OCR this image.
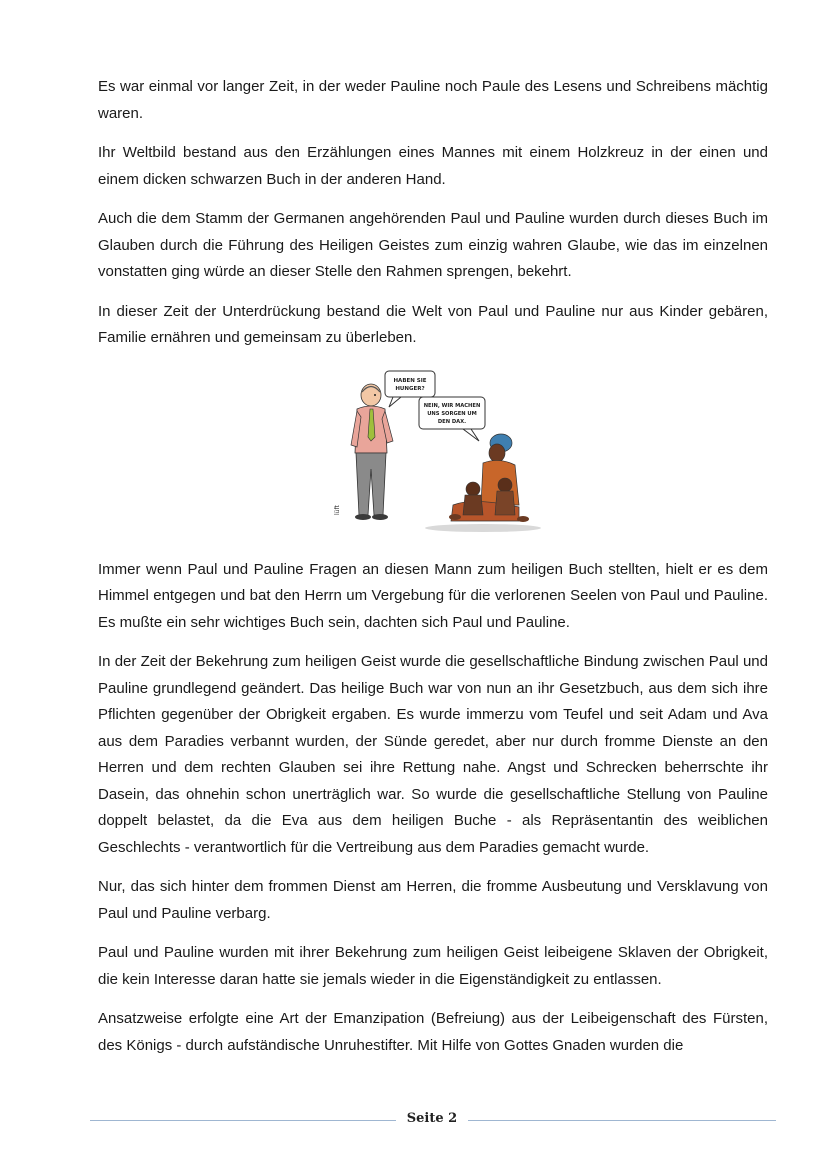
Es war einmal vor langer Zeit, in der weder Pauline noch Paule des Lesens und Schreibens mächtig waren.

Ihr Weltbild bestand aus den Erzählungen eines Mannes mit einem Holzkreuz in der einen und einem dicken schwarzen Buch in der anderen Hand.

Auch die dem Stamm der Germanen angehörenden Paul und Pauline wurden durch dieses Buch im Glauben durch die Führung des Heiligen Geistes zum einzig wahren Glaube, wie das im einzelnen vonstatten ging würde an dieser Stelle den Rahmen sprengen, bekehrt.

In dieser Zeit der Unterdrückung bestand die Welt von Paul und Pauline nur aus Kinder gebären, Familie ernähren und gemeinsam zu überleben.

HABEN SIE
HUNGER?
NEIN, WIR MACHEN
UNS SORGEN UM
DEN DAX.
lüft

Immer wenn Paul und Pauline Fragen an diesen Mann zum heiligen Buch stellten, hielt er es dem Himmel entgegen und bat den Herrn um Vergebung für die verlorenen Seelen von Paul und Pauline. Es mußte ein sehr wichtiges Buch sein, dachten sich Paul und Pauline.

In der Zeit der Bekehrung zum heiligen Geist wurde die gesellschaftliche Bindung zwischen Paul und Pauline grundlegend geändert. Das heilige Buch war von nun an ihr Gesetzbuch, aus dem sich ihre Pflichten gegenüber der Obrigkeit ergaben. Es wurde immerzu vom Teufel und seit Adam und Ava aus dem Paradies verbannt wurden, der Sünde geredet, aber nur durch fromme Dienste an den Herren und dem rechten Glauben sei ihre Rettung nahe. Angst und Schrecken beherrschte ihr Dasein, das ohnehin schon unerträglich war. So wurde die gesellschaftliche Stellung von Pauline doppelt belastet, da die Eva aus dem heiligen Buche - als Repräsentantin des weiblichen Geschlechts - verantwortlich für die Vertreibung aus dem Paradies gemacht wurde.

Nur, das sich hinter dem frommen Dienst am Herren, die fromme Ausbeutung und Versklavung von Paul und Pauline verbarg.

Paul und Pauline wurden mit ihrer Bekehrung zum heiligen Geist leibeigene Sklaven der Obrigkeit, die kein Interesse daran hatte sie jemals wieder in die Eigenständigkeit zu entlassen.

Ansatzweise erfolgte eine Art der Emanzipation (Befreiung) aus der Leibeigenschaft des Fürsten, des Königs - durch aufständische Unruhestifter. Mit Hilfe von Gottes Gnaden wurden die

Seite 2
